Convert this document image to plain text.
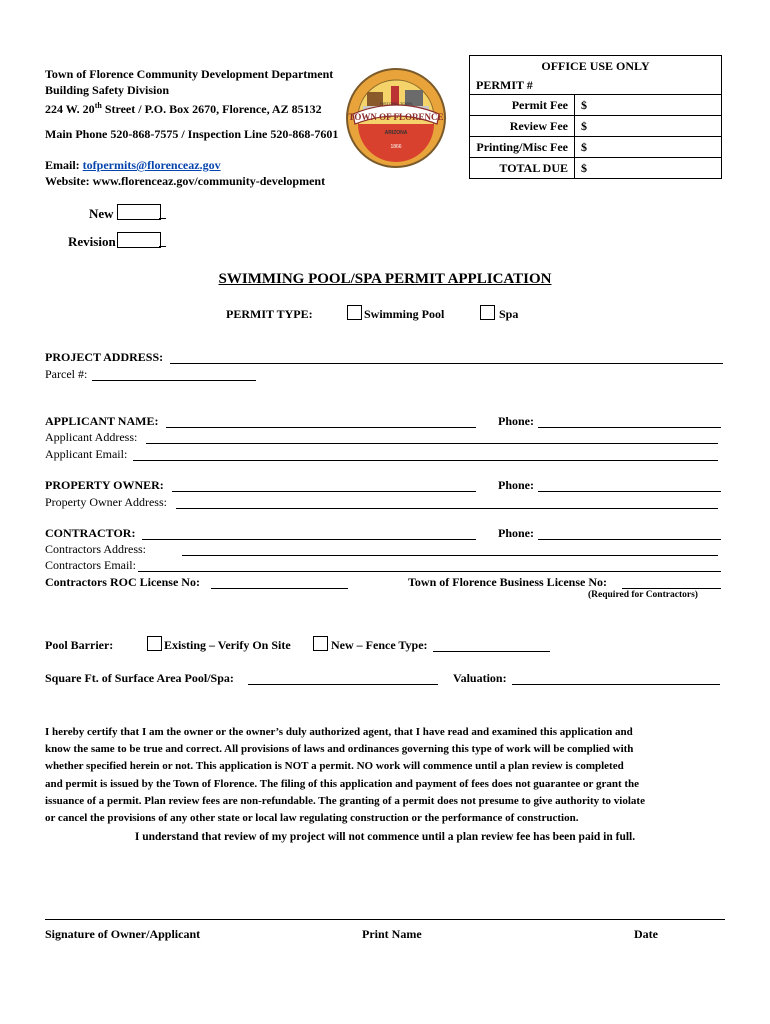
Town of Florence Community Development Department
Building Safety Division
224 W. 20th Street / P.O. Box 2670, Florence, AZ 85132
Main Phone 520-868-7575 / Inspection Line 520-868-7601
Email: tofpermits@florenceaz.gov
Website: www.florenceaz.gov/community-development
TOWN OF FLORENCE
HISTORIC TOWN
ARIZONA
1866
OFFICE USE ONLY	
PERMIT #	
Permit Fee	$
Review Fee	$
Printing/Misc Fee	$
TOTAL DUE	$
New
Revision
SWIMMING POOL/SPA PERMIT APPLICATION
PERMIT TYPE:	Swimming Pool	Spa
PROJECT ADDRESS:
Parcel #:
APPLICANT NAME:	Phone:
Applicant Address:
Applicant Email:
PROPERTY OWNER:	Phone:
Property Owner Address:
CONTRACTOR:	Phone:
Contractors Address:
Contractors Email:
Contractors ROC License No:	Town of Florence Business License No:
(Required for Contractors)
Pool Barrier:	Existing – Verify On Site	New – Fence Type:
Square Ft. of Surface Area Pool/Spa:	Valuation:
I hereby certify that I am the owner or the owner’s duly authorized agent, that I have read and examined this application and
know the same to be true and correct. All provisions of laws and ordinances governing this type of work will be complied with
whether specified herein or not. This application is NOT a permit. NO work will commence until a plan review is completed
and permit is issued by the Town of Florence. The filing of this application and payment of fees does not guarantee or grant the
issuance of a permit. Plan review fees are non-refundable. The granting of a permit does not presume to give authority to violate
or cancel the provisions of any other state or local law regulating construction or the performance of construction.
I understand that review of my project will not commence until a plan review fee has been paid in full.
Signature of Owner/Applicant	Print Name	Date
